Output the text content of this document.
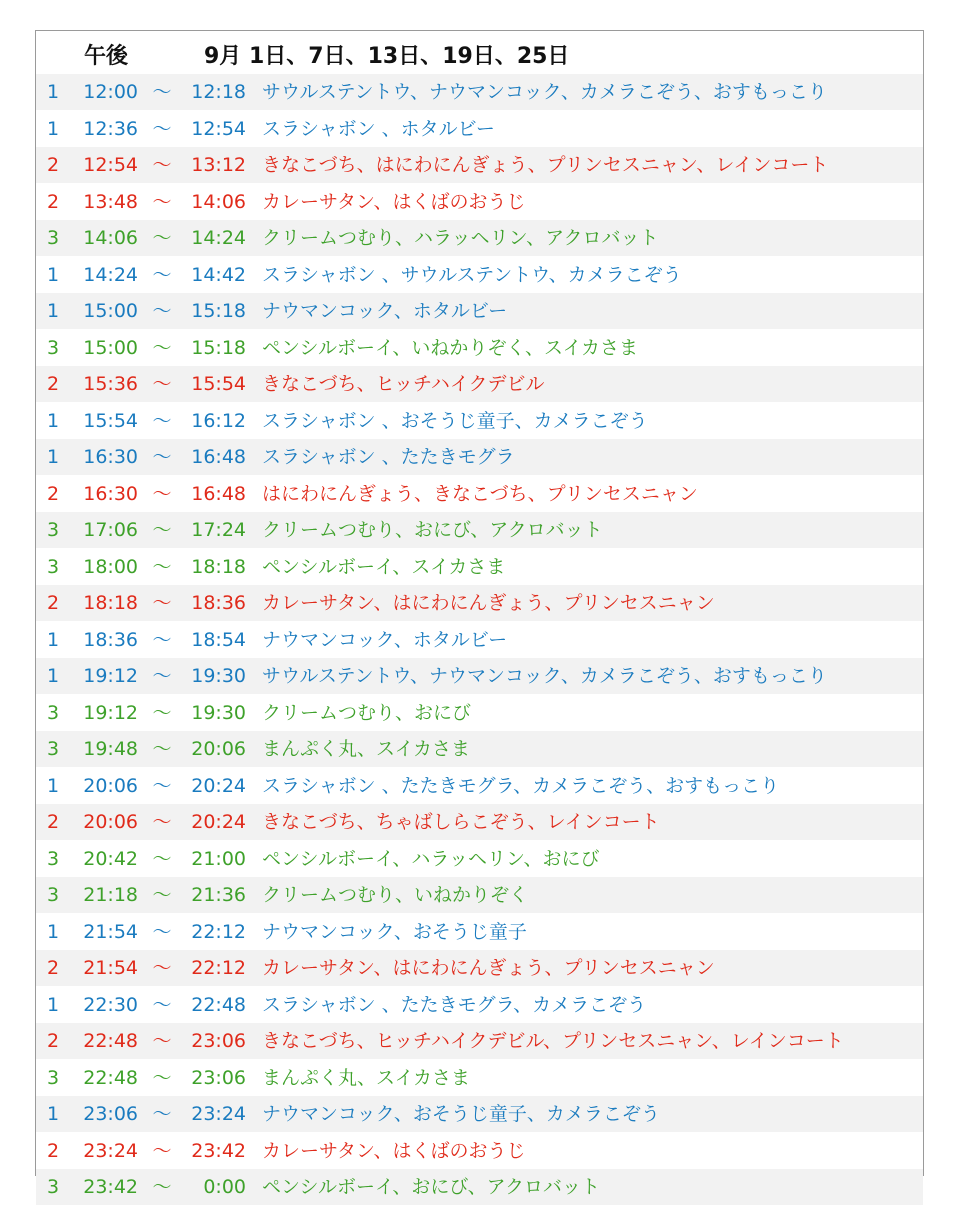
午後	9月 1日、7日、13日、19日、25日
1	12:00 〜	12:18 サウルステントウ、ナウマンコック、カメラこぞう、おすもっこり
1	12:36 〜	12:54 スラシャボン 、ホタルビー
2	12:54 〜	13:12 きなこづち、はにわにんぎょう、プリンセスニャン、レインコート
2	13:48 〜	14:06 カレーサタン、はくばのおうじ
3	14:06 〜	14:24 クリームつむり、ハラッヘリン、アクロバット
1	14:24 〜	14:42 スラシャボン 、サウルステントウ、カメラこぞう
1	15:00 〜	15:18 ナウマンコック、ホタルビー
3	15:00 〜	15:18 ペンシルボーイ、いねかりぞく、スイカさま
2	15:36 〜	15:54 きなこづち、ヒッチハイクデビル
1	15:54 〜	16:12 スラシャボン 、おそうじ童子、カメラこぞう
1	16:30 〜	16:48 スラシャボン 、たたきモグラ
2	16:30 〜	16:48 はにわにんぎょう、きなこづち、プリンセスニャン
3	17:06 〜	17:24 クリームつむり、おにび、アクロバット
3	18:00 〜	18:18 ペンシルボーイ、スイカさま
2	18:18 〜	18:36 カレーサタン、はにわにんぎょう、プリンセスニャン
1	18:36 〜	18:54 ナウマンコック、ホタルビー
1	19:12 〜	19:30 サウルステントウ、ナウマンコック、カメラこぞう、おすもっこり
3	19:12 〜	19:30 クリームつむり、おにび
3	19:48 〜	20:06 まんぷく丸、スイカさま
1	20:06 〜	20:24 スラシャボン 、たたきモグラ、カメラこぞう、おすもっこり
2	20:06 〜	20:24 きなこづち、ちゃばしらこぞう、レインコート
3	20:42 〜	21:00 ペンシルボーイ、ハラッヘリン、おにび
3	21:18 〜	21:36 クリームつむり、いねかりぞく
1	21:54 〜	22:12 ナウマンコック、おそうじ童子
2	21:54 〜	22:12 カレーサタン、はにわにんぎょう、プリンセスニャン
1	22:30 〜	22:48 スラシャボン 、たたきモグラ、カメラこぞう
2	22:48 〜	23:06 きなこづち、ヒッチハイクデビル、プリンセスニャン、レインコート
3	22:48 〜	23:06 まんぷく丸、スイカさま
1	23:06 〜	23:24 ナウマンコック、おそうじ童子、カメラこぞう
2	23:24 〜	23:42 カレーサタン、はくばのおうじ
3	23:42 〜	0:00 ペンシルボーイ、おにび、アクロバット
